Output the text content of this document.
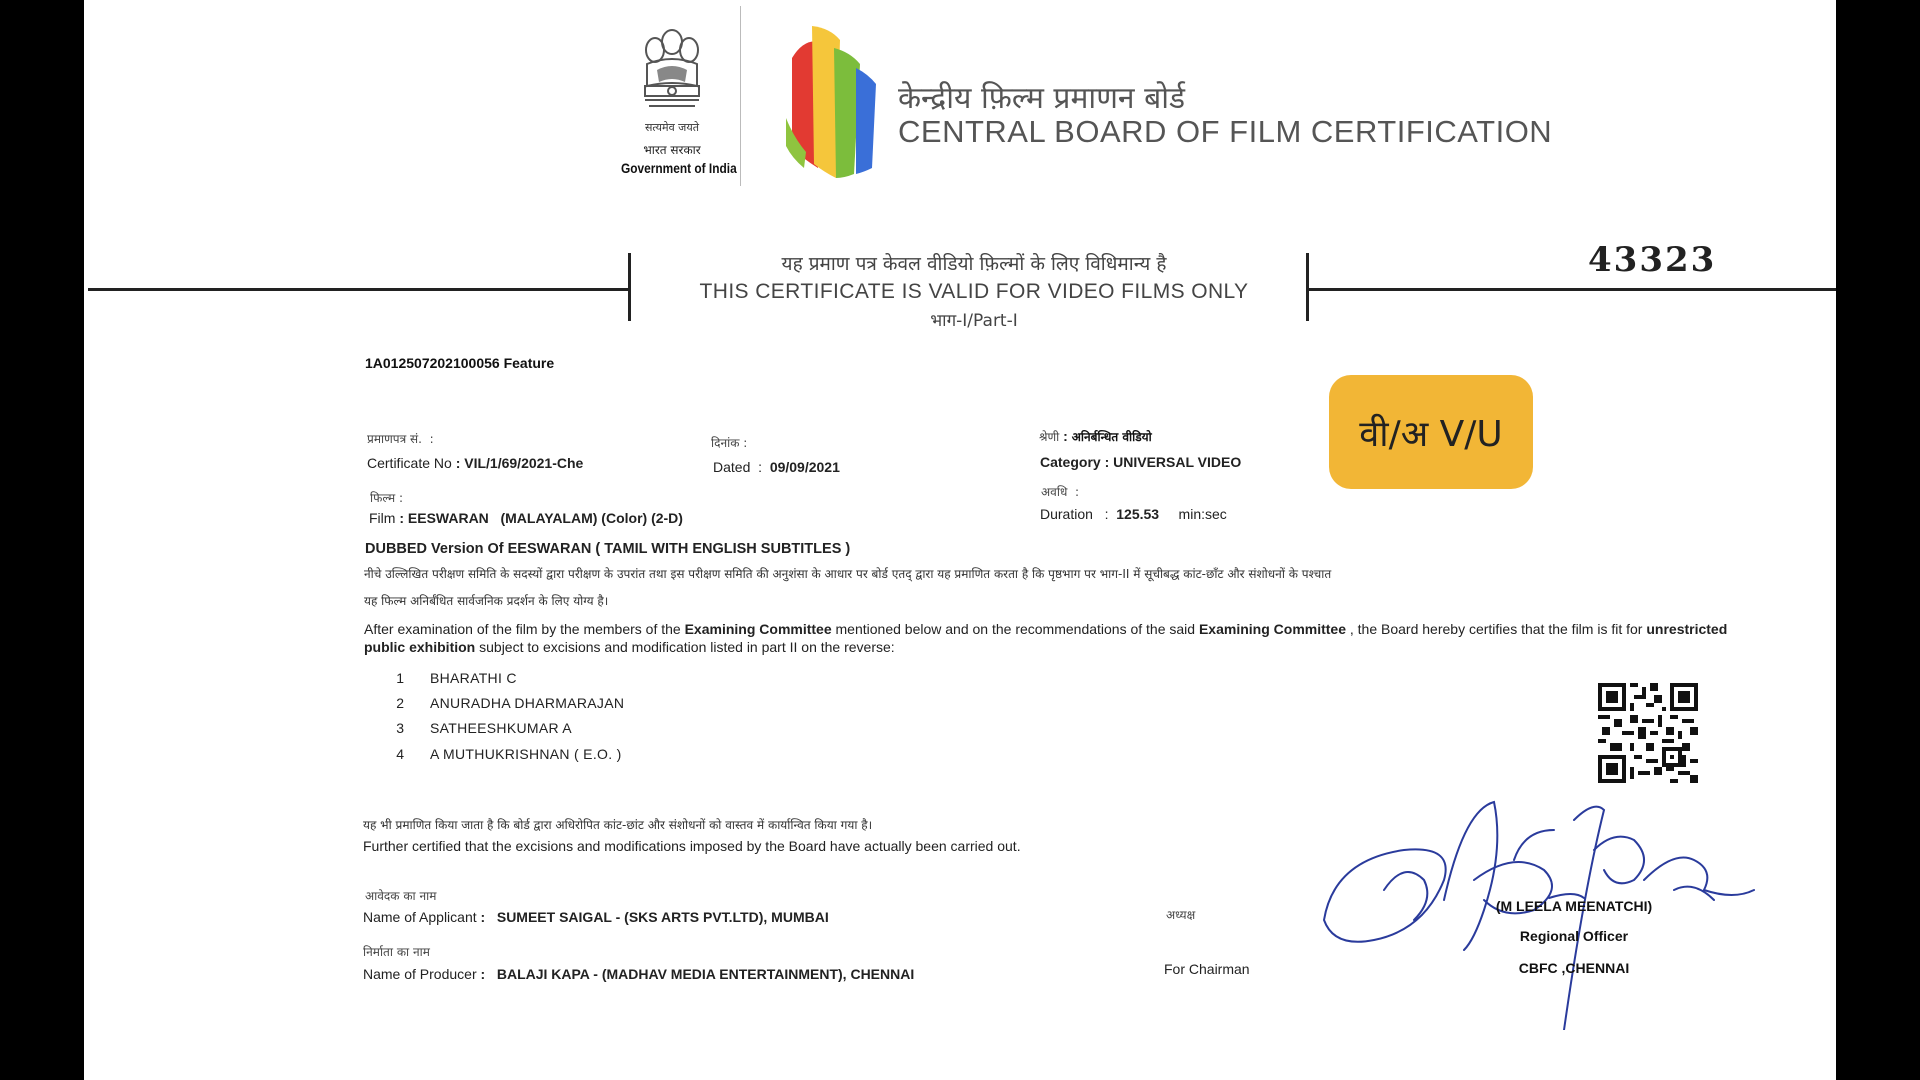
सत्यमेव जयते
भारत सरकार
Government of India
केन्द्रीय फ़िल्म प्रमाणन बोर्ड
CENTRAL BOARD OF FILM CERTIFICATION
यह प्रमाण पत्र केवल वीडियो फ़िल्मों के लिए विधिमान्य है
THIS CERTIFICATE IS VALID FOR VIDEO FILMS ONLY
भाग-I/Part-I
43323
1A012507202100056 Feature
प्रमाणपत्र सं.  :
Certificate No : VIL/1/69/2021-Che
दिनांक :
Dated  :  09/09/2021
श्रेणी : अनिर्बन्धित वीडियो
Category : UNIVERSAL VIDEO
फिल्म :
Film : EESWARAN   (MALAYALAM) (Color) (2-D)
अवधि  :
Duration   :  125.53 min:sec
DUBBED Version Of EESWARAN ( TAMIL WITH ENGLISH SUBTITLES )
वी/अ V/U
नीचे उल्लिखित परीक्षण समिति के सदस्यों द्वारा परीक्षण के उपरांत तथा इस परीक्षण समिति की अनुशंसा के आधार पर बोर्ड एतद् द्वारा यह प्रमाणित करता है कि पृष्ठभाग पर भाग-II में सूचीबद्ध कांट-छाँट और संशोधनों के पश्चात
यह फिल्म अनिर्बंधित सार्वजनिक प्रदर्शन के लिए योग्य है।
After examination of the film by the members of the Examining Committee mentioned below and on the recommendations of the said Examining Committee , the Board hereby certifies that the film is fit for unrestricted public exhibition subject to excisions and modification listed in part II on the reverse:
1 BHARATHI C
2 ANURADHA DHARMARAJAN
3 SATHEESHKUMAR A
4 A MUTHUKRISHNAN ( E.O. )
यह भी प्रमाणित किया जाता है कि बोर्ड द्वारा अधिरोपित कांट-छांट और संशोधनों को वास्तव में कार्यान्वित किया गया है।
Further certified that the excisions and modifications imposed by the Board have actually been carried out.
आवेदक का नाम
Name of Applicant :   SUMEET SAIGAL - (SKS ARTS PVT.LTD), MUMBAI
निर्माता का नाम
Name of Producer :   BALAJI KAPA - (MADHAV MEDIA ENTERTAINMENT), CHENNAI
अध्यक्ष
For Chairman
(M LEELA MEENATCHI)
Regional Officer
CBFC ,CHENNAI
